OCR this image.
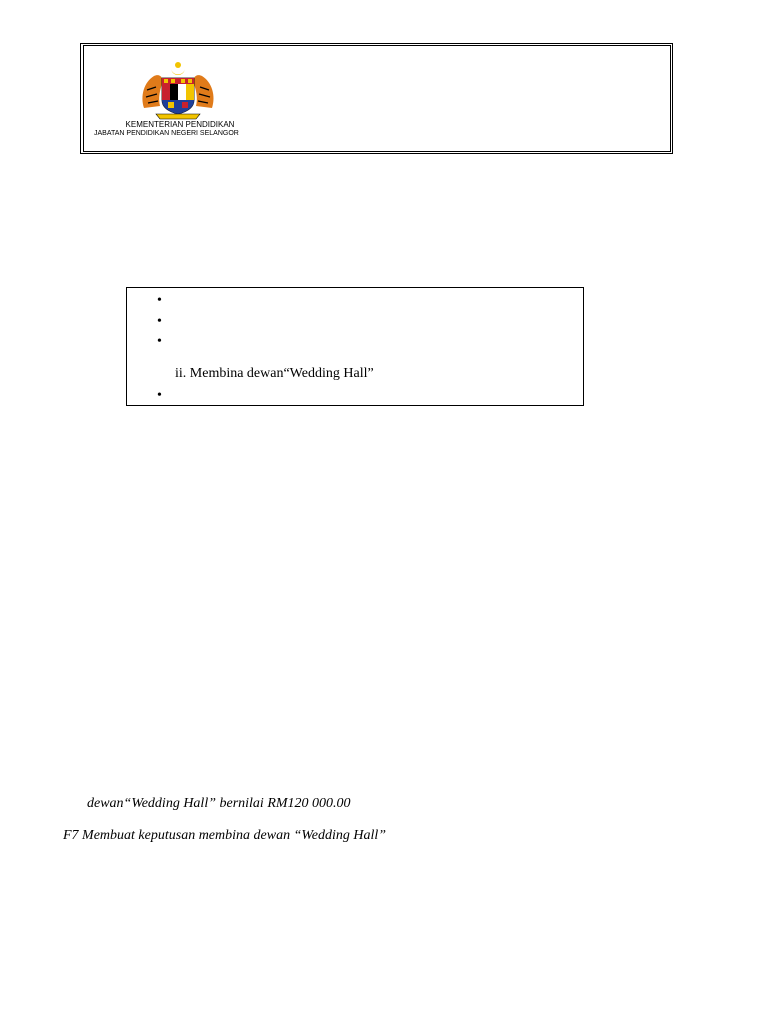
KEMENTERIAN PENDIDIKAN
JABATAN PENDIDIKAN NEGERI SELANGOR
•
•
•
ii. Membina dewan“Wedding Hall”
•
dewan“Wedding Hall” bernilai RM120 000.00
F7 Membuat keputusan membina dewan “Wedding Hall”
